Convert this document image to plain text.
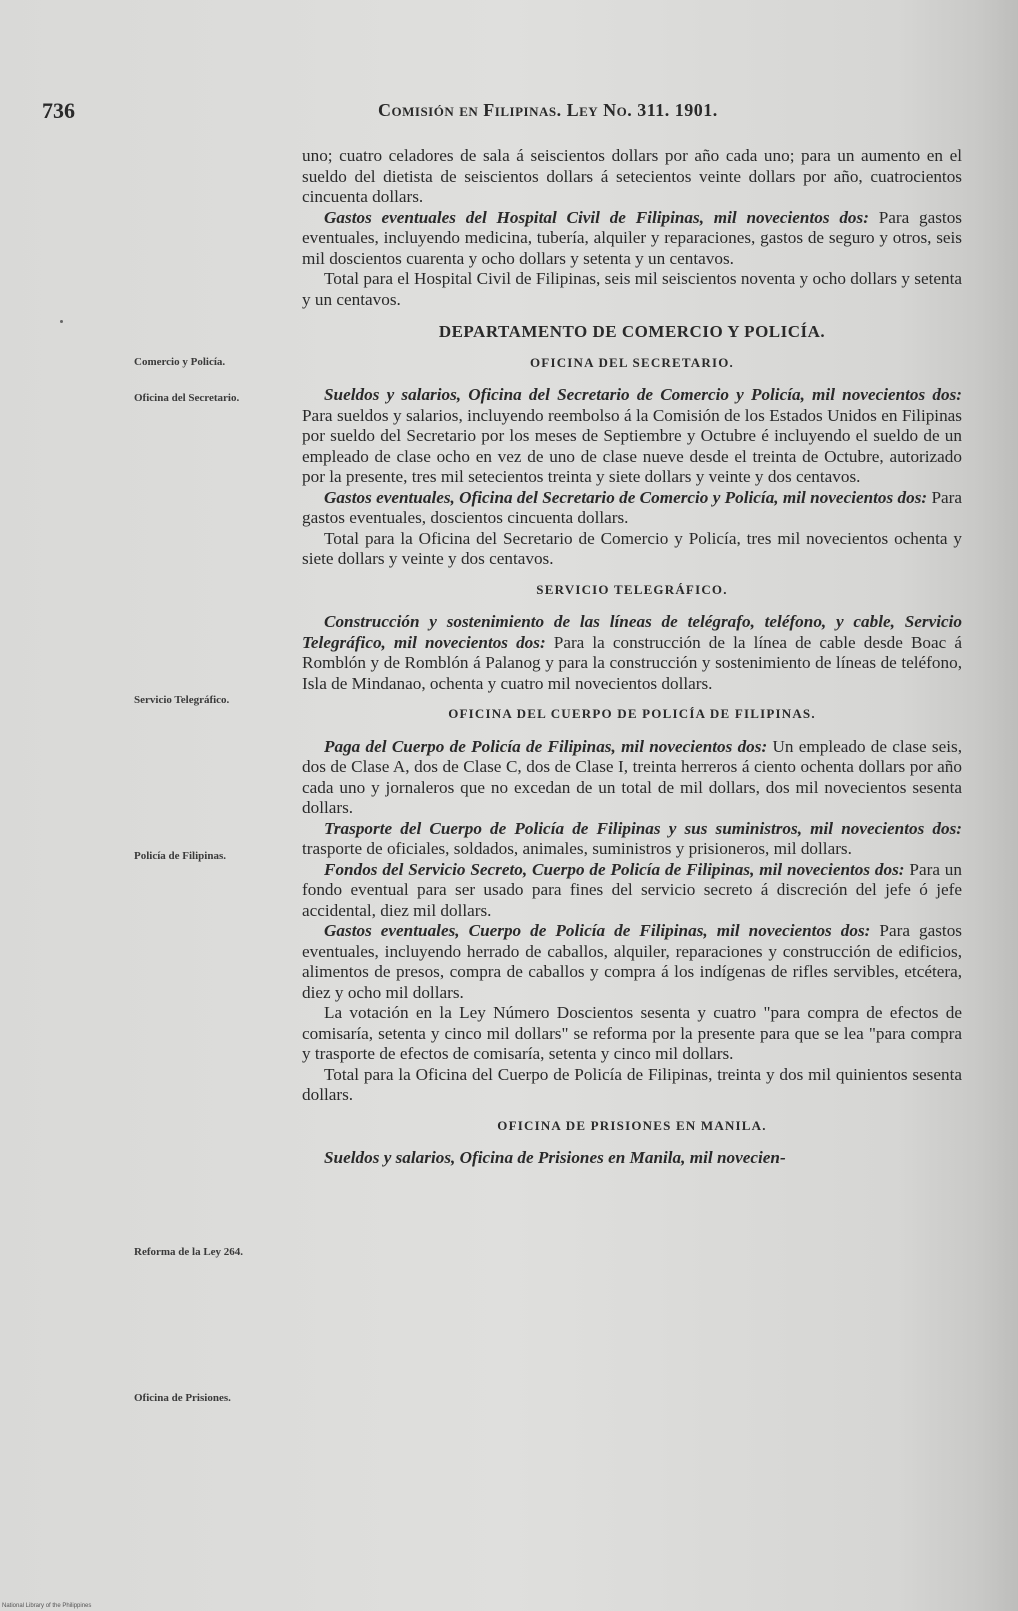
736	Comisión en Filipinas. Ley No. 311. 1901.
Comercio y Policía.
Oficina del Secretario.
Servicio Telegráfico.
Policía de Filipinas.
Reforma de la Ley 264.
Oficina de Prisiones.

uno; cuatro celadores de sala á seiscientos dollars por año cada uno; para un aumento en el sueldo del dietista de seiscientos dollars á setecientos veinte dollars por año, cuatrocientos cincuenta dollars.

Gastos eventuales del Hospital Civil de Filipinas, mil novecientos dos: Para gastos eventuales, incluyendo medicina, tubería, alquiler y reparaciones, gastos de seguro y otros, seis mil doscientos cuarenta y ocho dollars y setenta y un centavos.

Total para el Hospital Civil de Filipinas, seis mil seiscientos noventa y ocho dollars y setenta y un centavos.

DEPARTAMENTO DE COMERCIO Y POLICÍA.

OFICINA DEL SECRETARIO.

Sueldos y salarios, Oficina del Secretario de Comercio y Policía, mil novecientos dos: Para sueldos y salarios, incluyendo reembolso á la Comisión de los Estados Unidos en Filipinas por sueldo del Secretario por los meses de Septiembre y Octubre é incluyendo el sueldo de un empleado de clase ocho en vez de uno de clase nueve desde el treinta de Octubre, autorizado por la presente, tres mil setecientos treinta y siete dollars y veinte y dos centavos.

Gastos eventuales, Oficina del Secretario de Comercio y Policía, mil novecientos dos: Para gastos eventuales, doscientos cincuenta dollars.

Total para la Oficina del Secretario de Comercio y Policía, tres mil novecientos ochenta y siete dollars y veinte y dos centavos.

SERVICIO TELEGRÁFICO.

Construcción y sostenimiento de las líneas de telégrafo, teléfono, y cable, Servicio Telegráfico, mil novecientos dos: Para la construcción de la línea de cable desde Boac á Romblón y de Romblón á Palanog y para la construcción y sostenimiento de líneas de teléfono, Isla de Mindanao, ochenta y cuatro mil novecientos dollars.

OFICINA DEL CUERPO DE POLICÍA DE FILIPINAS.

Paga del Cuerpo de Policía de Filipinas, mil novecientos dos: Un empleado de clase seis, dos de Clase A, dos de Clase C, dos de Clase I, treinta herreros á ciento ochenta dollars por año cada uno y jornaleros que no excedan de un total de mil dollars, dos mil novecientos sesenta dollars.

Trasporte del Cuerpo de Policía de Filipinas y sus suministros, mil novecientos dos: trasporte de oficiales, soldados, animales, suministros y prisioneros, mil dollars.

Fondos del Servicio Secreto, Cuerpo de Policía de Filipinas, mil novecientos dos: Para un fondo eventual para ser usado para fines del servicio secreto á discreción del jefe ó jefe accidental, diez mil dollars.

Gastos eventuales, Cuerpo de Policía de Filipinas, mil novecientos dos: Para gastos eventuales, incluyendo herrado de caballos, alquiler, reparaciones y construcción de edificios, alimentos de presos, compra de caballos y compra á los indígenas de rifles servibles, etcétera, diez y ocho mil dollars.

La votación en la Ley Número Doscientos sesenta y cuatro "para compra de efectos de comisaría, setenta y cinco mil dollars" se reforma por la presente para que se lea "para compra y trasporte de efectos de comisaría, setenta y cinco mil dollars.

Total para la Oficina del Cuerpo de Policía de Filipinas, treinta y dos mil quinientos sesenta dollars.

OFICINA DE PRISIONES EN MANILA.

Sueldos y salarios, Oficina de Prisiones en Manila, mil novecien-

National Library of the Philippines
